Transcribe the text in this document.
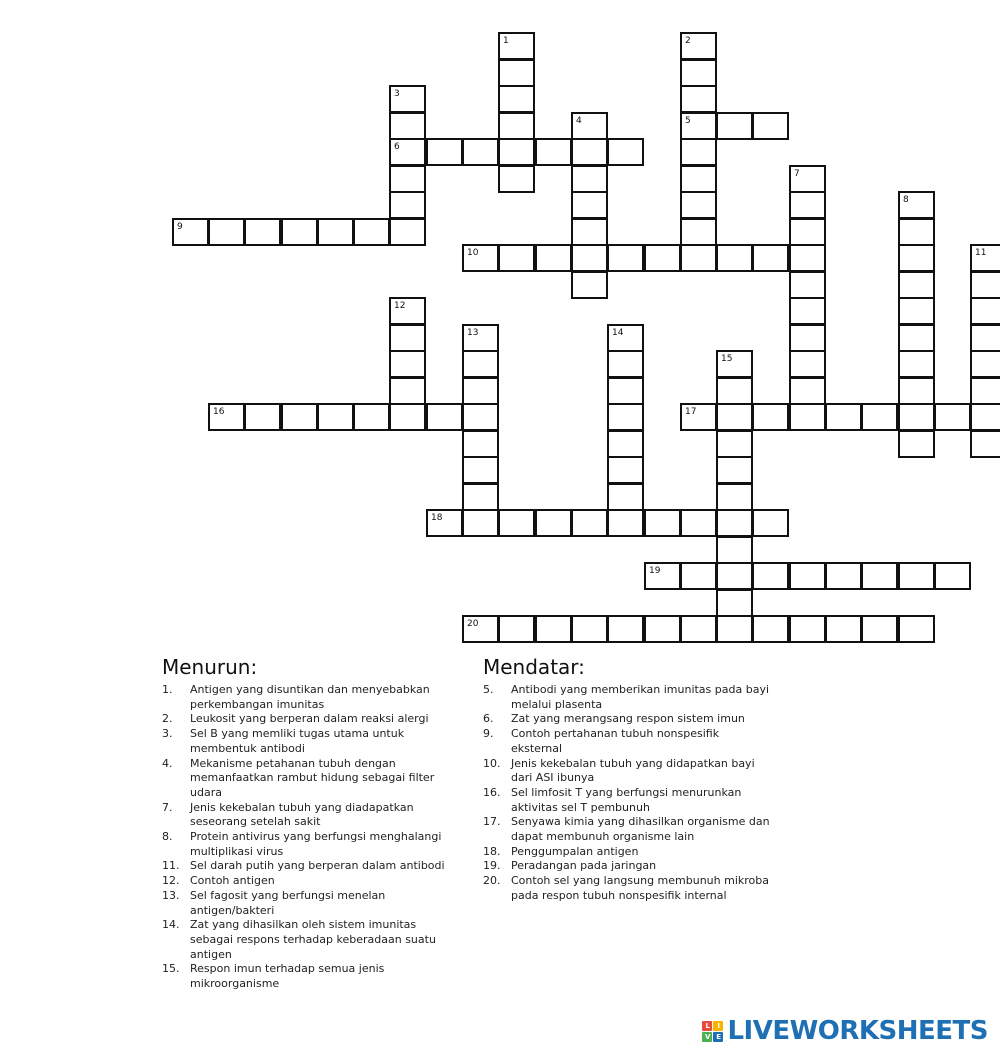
1	2
3
4	5
6
7
8
9
10	11
12
13	14
15
16	17
18
19
20
Menurun:
1.	Antigen yang disuntikan dan menyebabkan perkembangan imunitas
2.	Leukosit yang berperan dalam reaksi alergi
3.	Sel B yang memliki tugas utama untuk membentuk antibodi
4.	Mekanisme petahanan tubuh dengan memanfaatkan rambut hidung sebagai filter udara
7.	Jenis kekebalan tubuh yang diadapatkan seseorang setelah sakit
8.	Protein antivirus yang berfungsi menghalangi multiplikasi virus
11. Sel darah putih yang berperan dalam antibodi
12. Contoh antigen
13. Sel fagosit yang berfungsi menelan antigen/bakteri
14. Zat yang dihasilkan oleh sistem imunitas sebagai respons terhadap keberadaan suatu antigen
15. Respon imun terhadap semua jenis mikroorganisme
Mendatar:
5.	Antibodi yang memberikan imunitas pada bayi melalui plasenta
6.	Zat yang merangsang respon sistem imun
9.	Contoh pertahanan tubuh nonspesifik eksternal
10. Jenis kekebalan tubuh yang didapatkan bayi dari ASI ibunya
16. Sel limfosit T yang berfungsi menurunkan aktivitas sel T pembunuh
17. Senyawa kimia yang dihasilkan organisme dan dapat membunuh organisme lain
18. Penggumpalan antigen
19. Peradangan pada jaringan
20. Contoh sel yang langsung membunuh mikroba pada respon tubuh nonspesifik internal
L	I
V E LIVEWORKSHEETS
